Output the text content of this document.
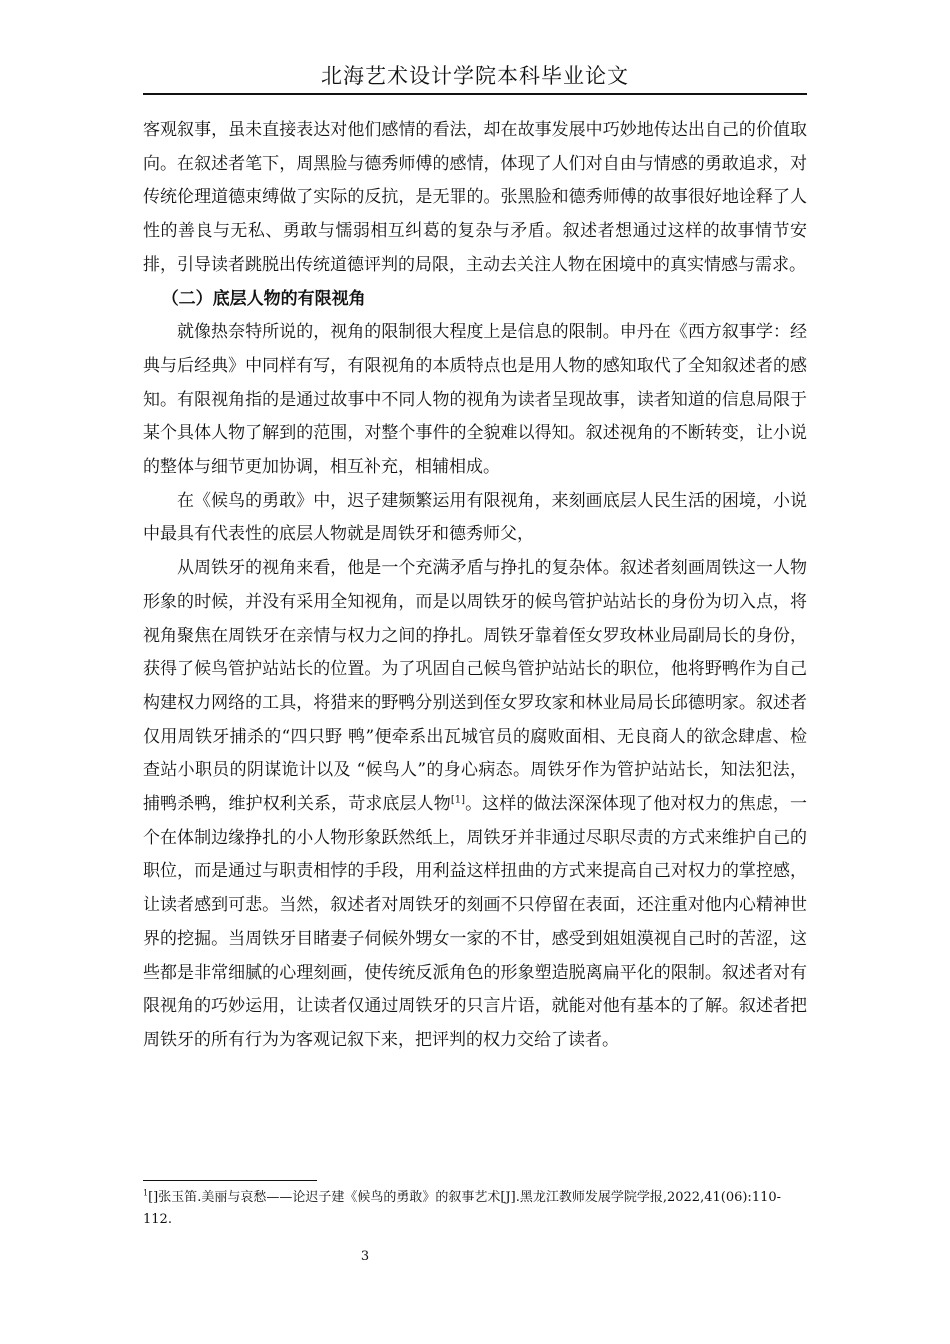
北海艺术设计学院本科毕业论文

客观叙事，虽未直接表达对他们感情的看法，却在故事发展中巧妙地传达出自己的价值取向。在叙述者笔下，周黑脸与德秀师傅的感情，体现了人们对自由与情感的勇敢追求，对传统伦理道德束缚做了实际的反抗，是无罪的。张黑脸和德秀师傅的故事很好地诠释了人性的善良与无私、勇敢与懦弱相互纠葛的复杂与矛盾。叙述者想通过这样的故事情节安排，引导读者跳脱出传统道德评判的局限，主动去关注人物在困境中的真实情感与需求。

（二）底层人物的有限视角

就像热奈特所说的，视角的限制很大程度上是信息的限制。申丹在《西方叙事学：经典与后经典》中同样有写，有限视角的本质特点也是用人物的感知取代了全知叙述者的感知。有限视角指的是通过故事中不同人物的视角为读者呈现故事，读者知道的信息局限于某个具体人物了解到的范围，对整个事件的全貌难以得知。叙述视角的不断转变，让小说的整体与细节更加协调，相互补充，相辅相成。

在《候鸟的勇敢》中，迟子建频繁运用有限视角，来刻画底层人民生活的困境，小说中最具有代表性的底层人物就是周铁牙和德秀师父，

从周铁牙的视角来看，他是一个充满矛盾与挣扎的复杂体。叙述者刻画周铁这一人物形象的时候，并没有采用全知视角，而是以周铁牙的候鸟管护站站长的身份为切入点，将视角聚焦在周铁牙在亲情与权力之间的挣扎。周铁牙靠着侄女罗玫林业局副局长的身份，获得了候鸟管护站站长的位置。为了巩固自己候鸟管护站站长的职位，他将野鸭作为自己构建权力网络的工具，将猎来的野鸭分别送到侄女罗玫家和林业局局长邱德明家。叙述者仅用周铁牙捕杀的“四只野 鸭”便牵系出瓦城官员的腐败面相、无良商人的欲念肆虐、检查站小职员的阴谋诡计以及 “候鸟人”的身心病态。周铁牙作为管护站站长，知法犯法，捕鸭杀鸭，维护权利关系，苛求底层人物[1]。这样的做法深深体现了他对权力的焦虑，一个在体制边缘挣扎的小人物形象跃然纸上，周铁牙并非通过尽职尽责的方式来维护自己的职位，而是通过与职责相悖的手段，用利益这样扭曲的方式来提高自己对权力的掌控感，让读者感到可悲。当然，叙述者对周铁牙的刻画不只停留在表面，还注重对他内心精神世界的挖掘。当周铁牙目睹妻子伺候外甥女一家的不甘，感受到姐姐漠视自己时的苦涩，这些都是非常细腻的心理刻画，使传统反派角色的形象塑造脱离扁平化的限制。叙述者对有限视角的巧妙运用，让读者仅通过周铁牙的只言片语，就能对他有基本的了解。叙述者把周铁牙的所有行为为客观记叙下来，把评判的权力交给了读者。

$^1$[]张玉笛.美丽与哀愁——论迟子建《候鸟的勇敢》的叙事艺术[J].黑龙江教师发展学院学报,2022,41(06):110-112.
3
